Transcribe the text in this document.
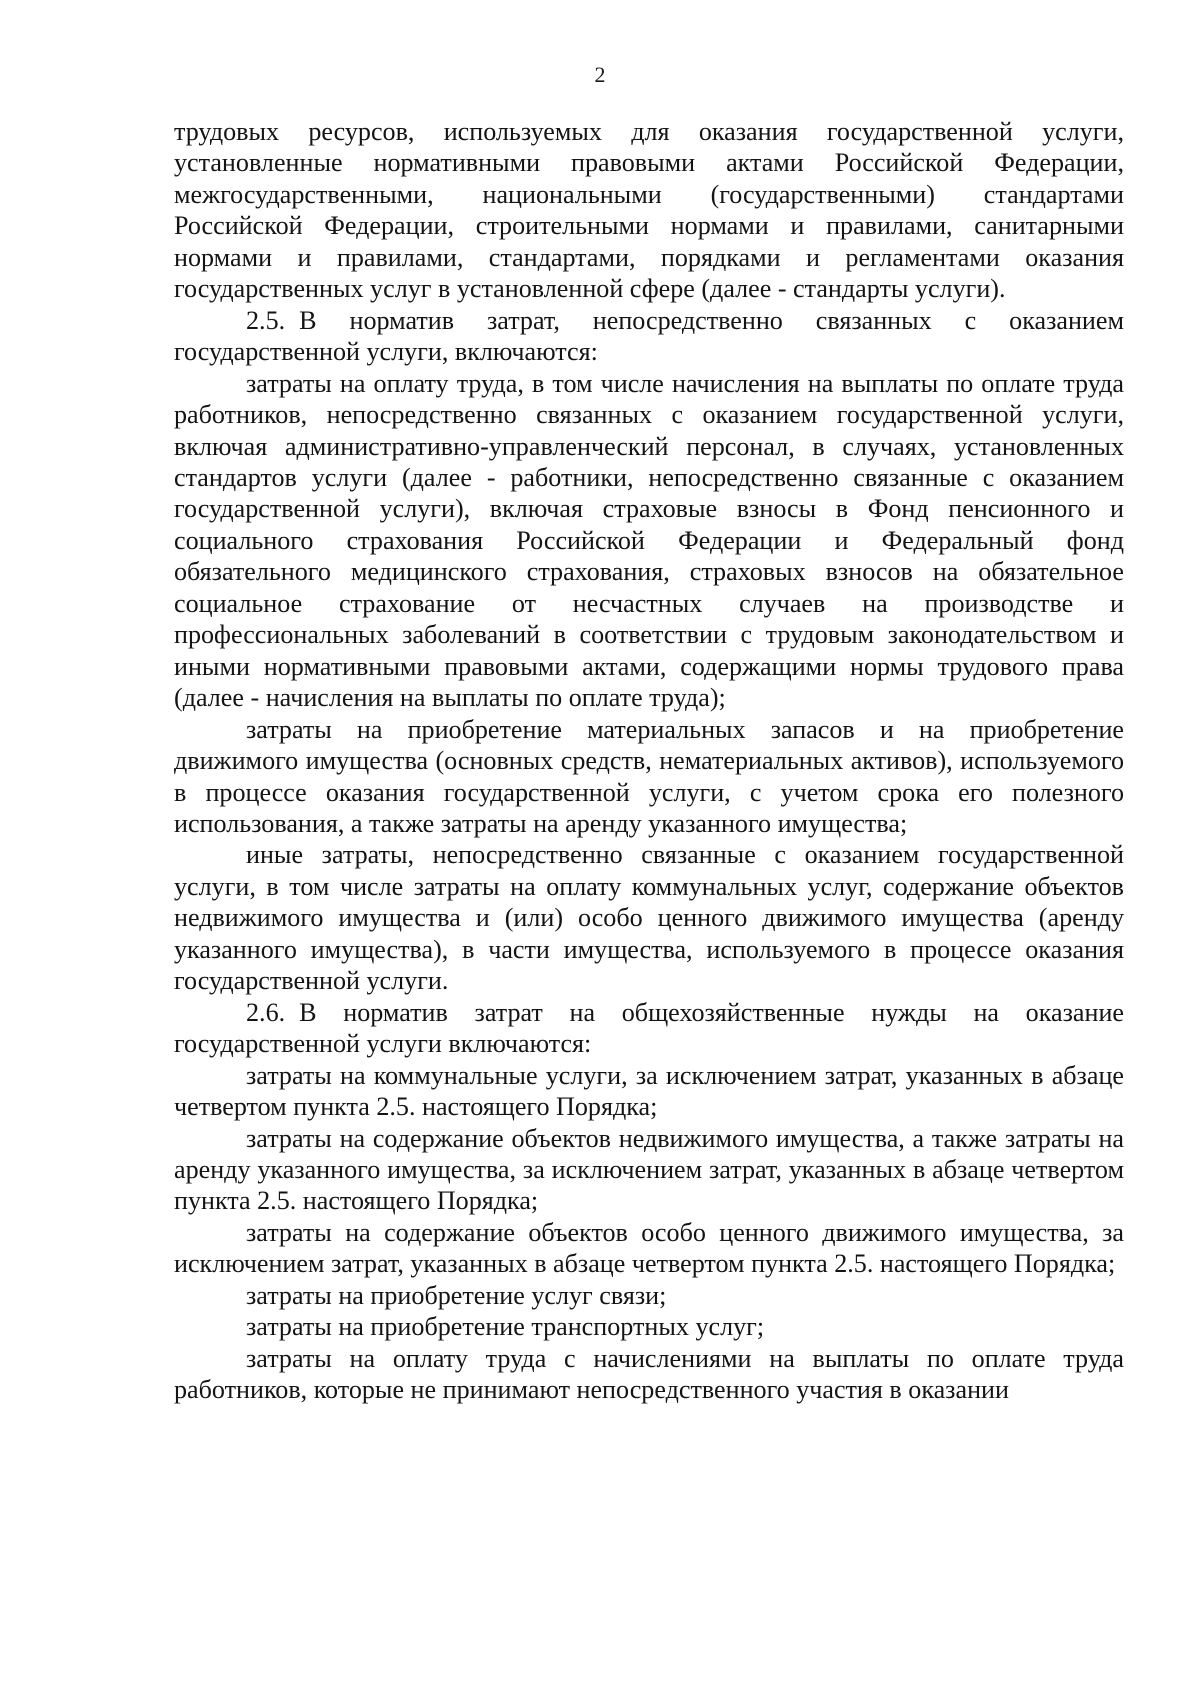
2

трудовых ресурсов, используемых для оказания государственной услуги, установленные нормативными правовыми актами Российской Федерации, межгосударственными, национальными (государственными) стандартами Российской Федерации, строительными нормами и правилами, санитарными нормами и правилами, стандартами, порядками и регламентами оказания государственных услуг в установленной сфере (далее - стандарты услуги).

2.5. В норматив затрат, непосредственно связанных с оказанием государственной услуги, включаются:

затраты на оплату труда, в том числе начисления на выплаты по оплате труда работников, непосредственно связанных с оказанием государственной услуги, включая административно-управленческий персонал, в случаях, установленных стандартов услуги (далее - работники, непосредственно связанные с оказанием государственной услуги), включая страховые взносы в Фонд пенсионного и социального страхования Российской Федерации и Федеральный фонд обязательного медицинского страхования, страховых взносов на обязательное социальное страхование от несчастных случаев на производстве и профессиональных заболеваний в соответствии с трудовым законодательством и иными нормативными правовыми актами, содержащими нормы трудового права (далее - начисления на выплаты по оплате труда);

затраты на приобретение материальных запасов и на приобретение движимого имущества (основных средств, нематериальных активов), используемого в процессе оказания государственной услуги, с учетом срока его полезного использования, а также затраты на аренду указанного имущества;

иные затраты, непосредственно связанные с оказанием государственной услуги, в том числе затраты на оплату коммунальных услуг, содержание объектов недвижимого имущества и (или) особо ценного движимого имущества (аренду указанного имущества), в части имущества, используемого в процессе оказания государственной услуги.

2.6. В норматив затрат на общехозяйственные нужды на оказание государственной услуги включаются:

затраты на коммунальные услуги, за исключением затрат, указанных в абзаце четвертом пункта 2.5. настоящего Порядка;

затраты на содержание объектов недвижимого имущества, а также затраты на аренду указанного имущества, за исключением затрат, указанных в абзаце четвертом пункта 2.5. настоящего Порядка;

затраты на содержание объектов особо ценного движимого имущества, за исключением затрат, указанных в абзаце четвертом пункта 2.5. настоящего Порядка;

затраты на приобретение услуг связи;

затраты на приобретение транспортных услуг;

затраты на оплату труда с начислениями на выплаты по оплате труда работников, которые не принимают непосредственного участия в оказании
